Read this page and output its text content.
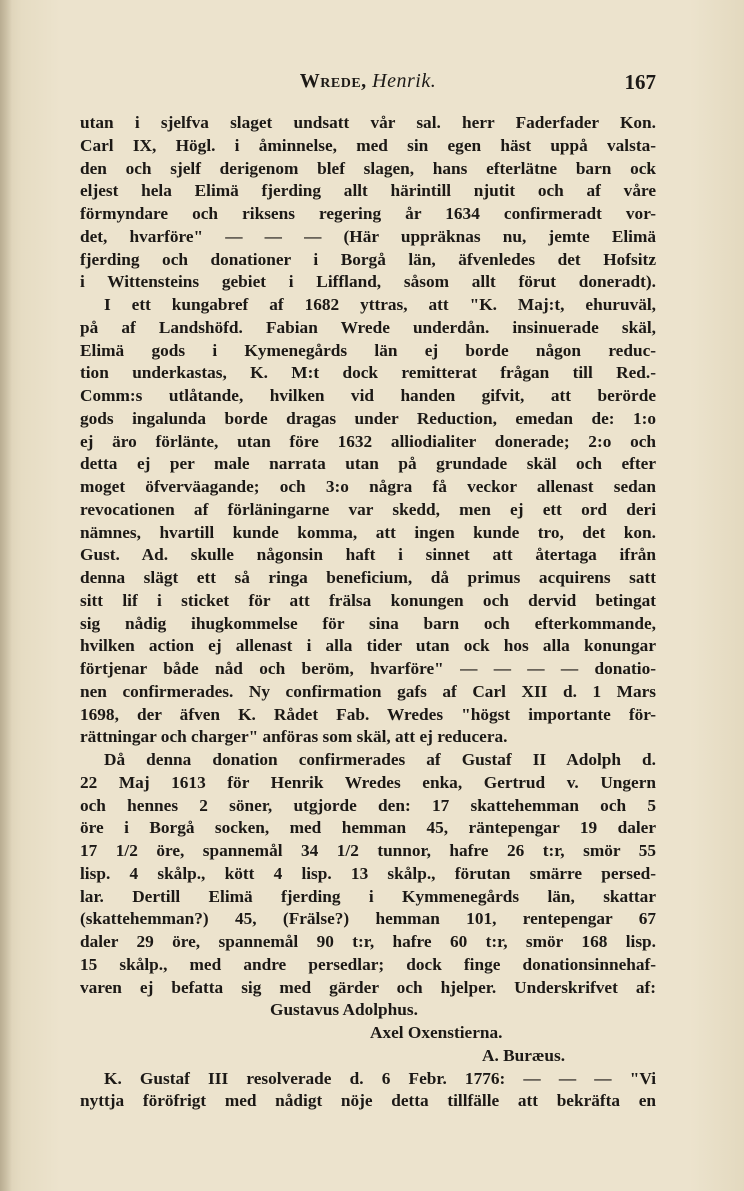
Wrede, Henrik.	167
utan i sjelfva slaget undsatt vår sal. herr Faderfader Kon.
Carl IX, Högl. i åminnelse, med sin egen häst uppå valsta-
den och sjelf derigenom blef slagen, hans efterlätne barn ock
eljest hela Elimä fjerding allt härintill njutit och af våre
förmyndare och riksens regering år 1634 confirmeradt vor-
det, hvarföre" — — — (Här uppräknas nu, jemte Elimä
fjerding och donationer i Borgå län, äfvenledes det Hofsitz
i Wittensteins gebiet i Liffland, såsom allt förut doneradt).
I ett kungabref af 1682 yttras, att "K. Maj:t, ehuruväl,
på af Landshöfd. Fabian Wrede underdån. insinuerade skäl,
Elimä gods i Kymenegårds län ej borde någon reduc-
tion underkastas, K. M:t dock remitterat frågan till Red.-
Comm:s utlåtande, hvilken vid handen gifvit, att berörde
gods ingalunda borde dragas under Reduction, emedan de: 1:o
ej äro förlänte, utan före 1632 alliodialiter donerade; 2:o och
detta ej per male narrata utan på grundade skäl och efter
moget öfverväagande; och 3:o några få veckor allenast sedan
revocationen af förläningarne var skedd, men ej ett ord deri
nämnes, hvartill kunde komma, att ingen kunde tro, det kon.
Gust. Ad. skulle någonsin haft i sinnet att återtaga ifrån
denna slägt ett så ringa beneficium, då primus acquirens satt
sitt lif i sticket för att frälsa konungen och dervid betingat
sig nådig ihugkommelse för sina barn och efterkommande,
hvilken action ej allenast i alla tider utan ock hos alla konungar
förtjenar både nåd och beröm, hvarföre" — — — — donatio-
nen confirmerades. Ny confirmation gafs af Carl XII d. 1 Mars
1698, der äfven K. Rådet Fab. Wredes "högst importante för-
rättningar och charger" anföras som skäl, att ej reducera.
Då denna donation confirmerades af Gustaf II Adolph d.
22 Maj 1613 för Henrik Wredes enka, Gertrud v. Ungern
och hennes 2 söner, utgjorde den: 17 skattehemman och 5
öre i Borgå socken, med hemman 45, räntepengar 19 daler
17 1/2 öre, spannemål 34 1/2 tunnor, hafre 26 t:r, smör 55
lisp. 4 skålp., kött 4 lisp. 13 skålp., förutan smärre persed-
lar. Dertill Elimä fjerding i Kymmenegårds län, skattar
(skattehemman?) 45, (Frälse?) hemman 101, rentepengar 67
daler 29 öre, spannemål 90 t:r, hafre 60 t:r, smör 168 lisp.
15 skålp., med andre persedlar; dock finge donationsinnehaf-
varen ej befatta sig med gärder och hjelper. Underskrifvet af:
Gustavus Adolphus.
Axel Oxenstierna.
A. Buræus.
K. Gustaf III resolverade d. 6 Febr. 1776: — — — "Vi
nyttja föröfrigt med nådigt nöje detta tillfälle att bekräfta en
